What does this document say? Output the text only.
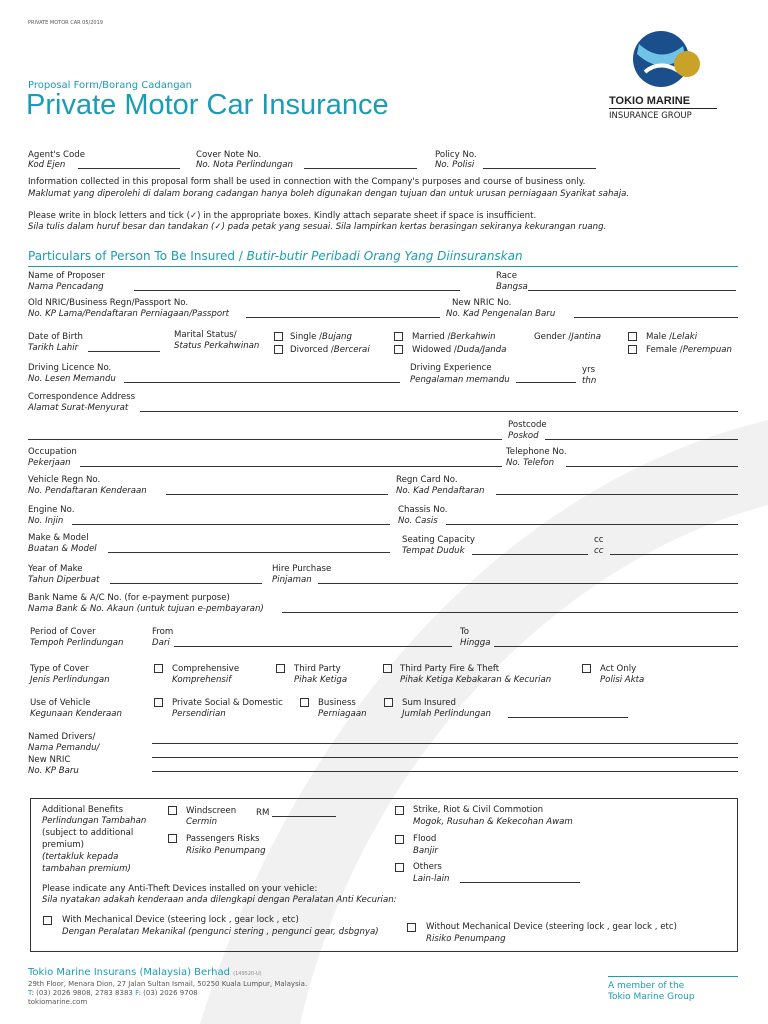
PRIVATE MOTOR CAR 05/2019
Proposal Form/Borang Cadangan
Private Motor Car Insurance	TOKIO MARINE
INSURANCE GROUP
Agent's Code
Kod Ejen
Cover Note No.
No. Nota Perlindungan
Policy No.
No. Polisi
Information collected in this proposal form shall be used in connection with the Company's purposes and course of business only.
Maklumat yang diperolehi di dalam borang cadangan hanya boleh digunakan dengan tujuan dan untuk urusan perniagaan Syarikat sahaja.
Please write in block letters and tick (✓) in the appropriate boxes. Kindly attach separate sheet if space is insufficient.
Sila tulis dalam huruf besar dan tandakan (✓) pada petak yang sesuai. Sila lampirkan kertas berasingan sekiranya kekurangan ruang.
Particulars of Person To Be Insured / Butir-butir Peribadi Orang Yang Diinsuranskan
Name of Proposer
Nama Pencadang
Race
Bangsa
Old NRIC/Business Regn/Passport No.
No. KP Lama/Pendaftaran Perniagaan/Passport
New NRIC No.
No. Kad Pengenalan Baru
Date of Birth
Tarikh Lahir
Marital Status/
Status Perkahwinan
Single /Bujang
Divorced /Bercerai
Married /Berkahwin
Widowed /Duda/Janda
Gender /Jantina	Male /Lelaki
Female /Perempuan
Driving Licence No.
No. Lesen Memandu
Driving Experience
Pengalaman memandu
yrs
thn
Correspondence Address
Alamat Surat-Menyurat
Postcode
Poskod
Occupation
Pekerjaan
Telephone No.
No. Telefon
Vehicle Regn No.
No. Pendaftaran Kenderaan
Regn Card No.
No. Kad Pendaftaran
Engine No.
No. Injin
Chassis No.
No. Casis
Make & Model
Buatan & Model
Seating Capacity
Tempat Duduk
cc
cc
Year of Make
Tahun Diperbuat
Hire Purchase
Pinjaman
Bank Name & A/C No. (for e-payment purpose)
Nama Bank & No. Akaun (untuk tujuan e-pembayaran)
Period of Cover
Tempoh Perlindungan
From
Dari
To
Hingga
Type of Cover
Jenis Perlindungan
Comprehensive
Komprehensif
Third Party
Pihak Ketiga
Third Party Fire & Theft
Pihak Ketiga Kebakaran & Kecurian
Act Only
Polisi Akta
Use of Vehicle
Kegunaan Kenderaan
Private Social & Domestic
Persendirian
Business
Perniagaan
Sum Insured
Jumlah Perlindungan
Named Drivers/
Nama Pemandu/
New NRIC
No. KP Baru
Additional Benefits
Perlindungan Tambahan
(subject to additional
premium)
(tertakluk kepada
tambahan premium)
Windscreen
Cermin
RM
Passengers Risks
Risiko Penumpang
Strike, Riot & Civil Commotion
Mogok, Rusuhan & Kekecohan Awam
Flood
Banjir
Others
Lain-lain
Please indicate any Anti-Theft Devices installed on your vehicle:
Sila nyatakan adakah kenderaan anda dilengkapi dengan Peralatan Anti Kecurian:
With Mechanical Device (steering lock , gear lock , etc)
Dengan Peralatan Mekanikal (pengunci stering , pengunci gear, dsbgnya)	Without Mechanical Device (steering lock , gear lock , etc)
Risiko Penumpang
Tokio Marine Insurans (Malaysia) Berhad (149520-U)
29th Floor, Menara Dion, 27 Jalan Sultan Ismail, 50250 Kuala Lumpur, Malaysia.
T: (03) 2026 9808, 2783 8383 F: (03) 2026 9708
tokiomarine.com
A member of the
Tokio Marine Group
